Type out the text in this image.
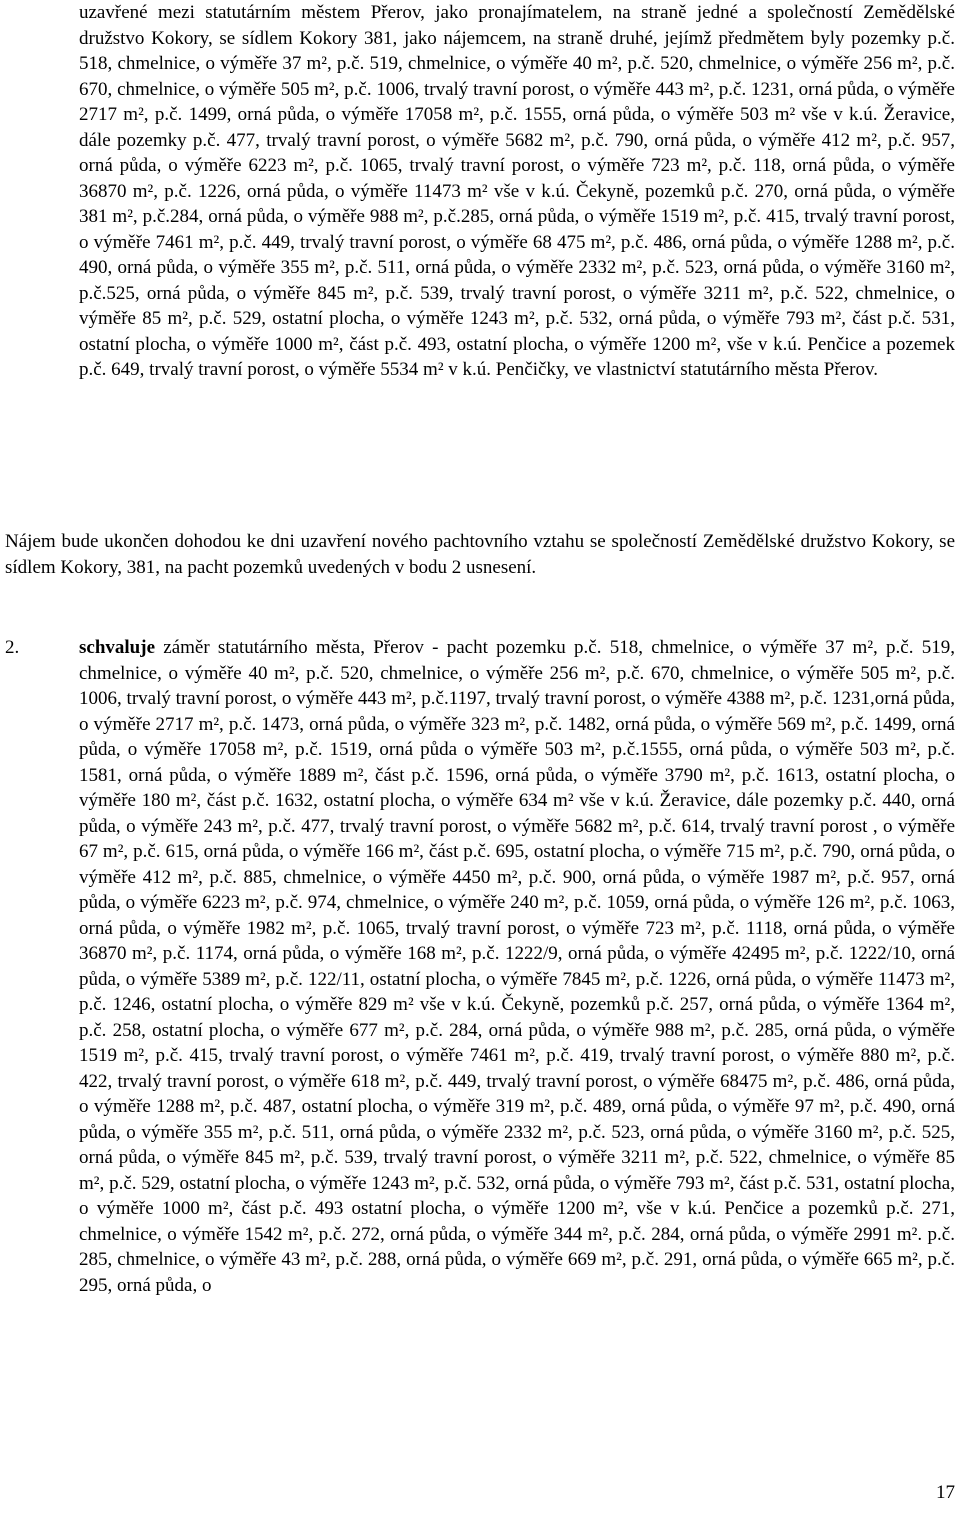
uzavřené mezi statutárním městem Přerov, jako pronajímatelem, na straně jedné a společností Zemědělské družstvo Kokory, se sídlem Kokory 381, jako nájemcem, na straně druhé, jejímž předmětem byly pozemky p.č. 518, chmelnice, o výměře 37 m², p.č. 519, chmelnice, o výměře 40 m², p.č. 520, chmelnice, o výměře 256 m², p.č. 670, chmelnice, o výměře 505 m², p.č. 1006, trvalý travní porost, o výměře 443 m², p.č. 1231, orná půda, o výměře 2717 m², p.č. 1499, orná půda, o výměře 17058 m², p.č. 1555, orná půda, o výměře 503 m² vše v k.ú. Žeravice, dále pozemky p.č. 477, trvalý travní porost, o výměře 5682 m², p.č. 790, orná půda, o výměře 412 m², p.č. 957, orná půda, o výměře 6223 m², p.č. 1065, trvalý travní porost, o výměře 723 m², p.č. 118, orná půda, o výměře 36870 m², p.č. 1226, orná půda, o výměře 11473 m² vše v k.ú. Čekyně, pozemků p.č. 270, orná půda, o výměře 381 m², p.č.284, orná půda, o výměře 988 m², p.č.285, orná půda, o výměře 1519 m², p.č. 415, trvalý travní porost, o výměře 7461 m², p.č. 449, trvalý travní porost, o výměře 68 475 m², p.č. 486, orná půda, o výměře 1288 m², p.č. 490, orná půda, o výměře 355 m², p.č. 511, orná půda, o výměře 2332 m², p.č. 523, orná půda, o výměře 3160 m², p.č.525, orná půda, o výměře 845 m², p.č. 539, trvalý travní porost, o výměře 3211 m², p.č. 522, chmelnice, o výměře 85 m², p.č. 529, ostatní plocha, o výměře 1243 m², p.č. 532, orná půda, o výměře 793 m², část p.č. 531, ostatní plocha, o výměře 1000 m², část p.č. 493, ostatní plocha, o výměře 1200 m², vše v k.ú. Penčice a pozemek p.č. 649, trvalý travní porost, o výměře 5534 m² v k.ú. Penčičky, ve vlastnictví statutárního města Přerov.

Nájem bude ukončen dohodou ke dni uzavření nového pachtovního vztahu se společností Zemědělské družstvo Kokory, se sídlem Kokory, 381, na pacht pozemků uvedených v bodu 2 usnesení.

2.	schvaluje záměr statutárního města, Přerov - pacht pozemku p.č. 518, chmelnice, o výměře 37 m², p.č. 519, chmelnice, o výměře 40 m², p.č. 520, chmelnice, o výměře 256 m², p.č. 670, chmelnice, o výměře 505 m², p.č. 1006, trvalý travní porost, o výměře 443 m², p.č.1197, trvalý travní porost, o výměře 4388 m², p.č. 1231,orná půda, o výměře 2717 m², p.č. 1473, orná půda, o výměře 323 m², p.č. 1482, orná půda, o výměře 569 m², p.č. 1499, orná půda, o výměře 17058 m², p.č. 1519, orná půda o výměře 503 m², p.č.1555, orná půda, o výměře 503 m², p.č. 1581, orná půda, o výměře 1889 m², část p.č. 1596, orná půda, o výměře 3790 m², p.č. 1613, ostatní plocha, o výměře 180 m², část p.č. 1632, ostatní plocha, o výměře 634 m² vše v k.ú. Žeravice, dále pozemky p.č. 440, orná půda, o výměře 243 m², p.č. 477, trvalý travní porost, o výměře 5682 m², p.č. 614, trvalý travní porost , o výměře 67 m², p.č. 615, orná půda, o výměře 166 m², část p.č. 695, ostatní plocha, o výměře 715 m², p.č. 790, orná půda, o výměře 412 m², p.č. 885, chmelnice, o výměře 4450 m², p.č. 900, orná půda, o výměře 1987 m², p.č. 957, orná půda, o výměře 6223 m², p.č. 974, chmelnice, o výměře 240 m², p.č. 1059, orná půda, o výměře 126 m², p.č. 1063, orná půda, o výměře 1982 m², p.č. 1065, trvalý travní porost, o výměře 723 m², p.č. 1118, orná půda, o výměře 36870 m², p.č. 1174, orná půda, o výměře 168 m², p.č. 1222/9, orná půda, o výměře 42495 m², p.č. 1222/10, orná půda, o výměře 5389 m², p.č. 122/11, ostatní plocha, o výměře 7845 m², p.č. 1226, orná půda, o výměře 11473 m², p.č. 1246, ostatní plocha, o výměře 829 m² vše v k.ú. Čekyně, pozemků p.č. 257, orná půda, o výměře 1364 m², p.č. 258, ostatní plocha, o výměře 677 m², p.č. 284, orná půda, o výměře 988 m², p.č. 285, orná půda, o výměře 1519 m², p.č. 415, trvalý travní porost, o výměře 7461 m², p.č. 419, trvalý travní porost, o výměře 880 m², p.č. 422, trvalý travní porost, o výměře 618 m², p.č. 449, trvalý travní porost, o výměře 68475 m², p.č. 486, orná půda, o výměře 1288 m², p.č. 487, ostatní plocha, o výměře 319 m², p.č. 489, orná půda, o výměře 97 m², p.č. 490, orná půda, o výměře 355 m², p.č. 511, orná půda, o výměře 2332 m², p.č. 523, orná půda, o výměře 3160 m², p.č. 525, orná půda, o výměře 845 m², p.č. 539, trvalý travní porost, o výměře 3211 m², p.č. 522, chmelnice, o výměře 85 m², p.č. 529, ostatní plocha, o výměře 1243 m², p.č. 532, orná půda, o výměře 793 m², část p.č. 531, ostatní plocha, o výměře 1000 m², část p.č. 493 ostatní plocha, o výměře 1200 m², vše v k.ú. Penčice a pozemků p.č. 271, chmelnice, o výměře 1542 m², p.č. 272, orná půda, o výměře 344 m², p.č. 284, orná půda, o výměře 2991 m². p.č. 285, chmelnice, o výměře 43 m², p.č. 288, orná půda, o výměře 669 m², p.č. 291, orná půda, o výměře 665 m², p.č. 295, orná půda, o

17
